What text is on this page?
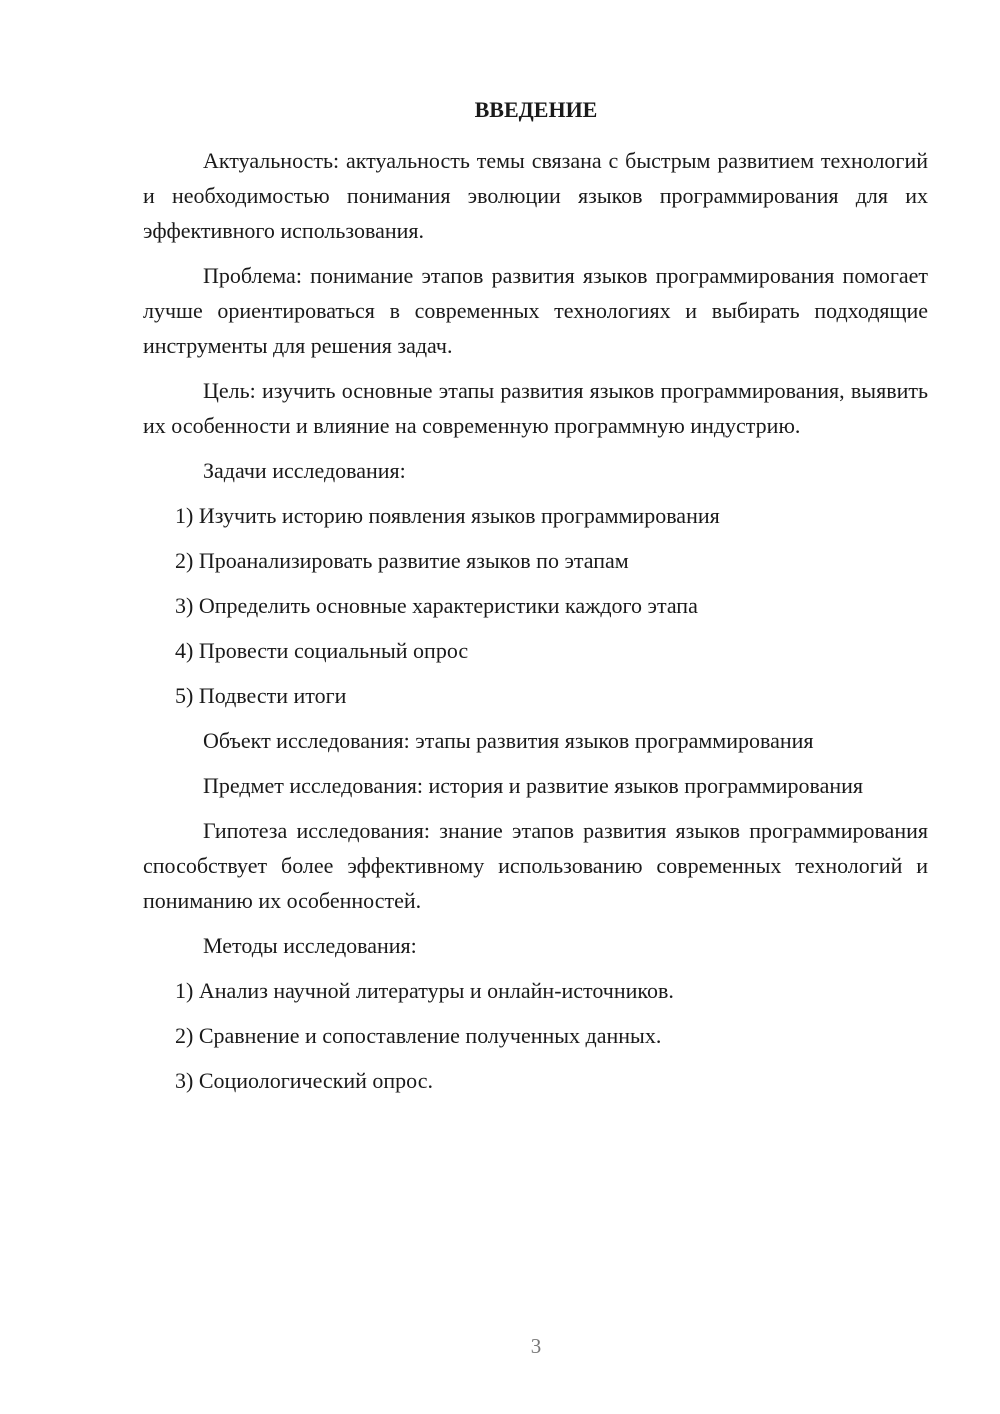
ВВЕДЕНИЕ

Актуальность: актуальность темы связана с быстрым развитием технологий и необходимостью понимания эволюции языков программирования для их эффективного использования.

Проблема: понимание этапов развития языков программирования помогает лучше ориентироваться в современных технологиях и выбирать подходящие инструменты для решения задач.

Цель: изучить основные этапы развития языков программирования, выявить их особенности и влияние на современную программную индустрию.

Задачи исследования:

1) Изучить историю появления языков программирования

2) Проанализировать развитие языков по этапам

3) Определить основные характеристики каждого этапа

4) Провести социальный опрос

5) Подвести итоги

Объект исследования: этапы развития языков программирования

Предмет исследования: история и развитие языков программирования

Гипотеза исследования: знание этапов развития языков программирования способствует более эффективному использованию современных технологий и пониманию их особенностей.

Методы исследования:

1) Анализ научной литературы и онлайн-источников.

2) Сравнение и сопоставление полученных данных.

3) Социологический опрос.

3
